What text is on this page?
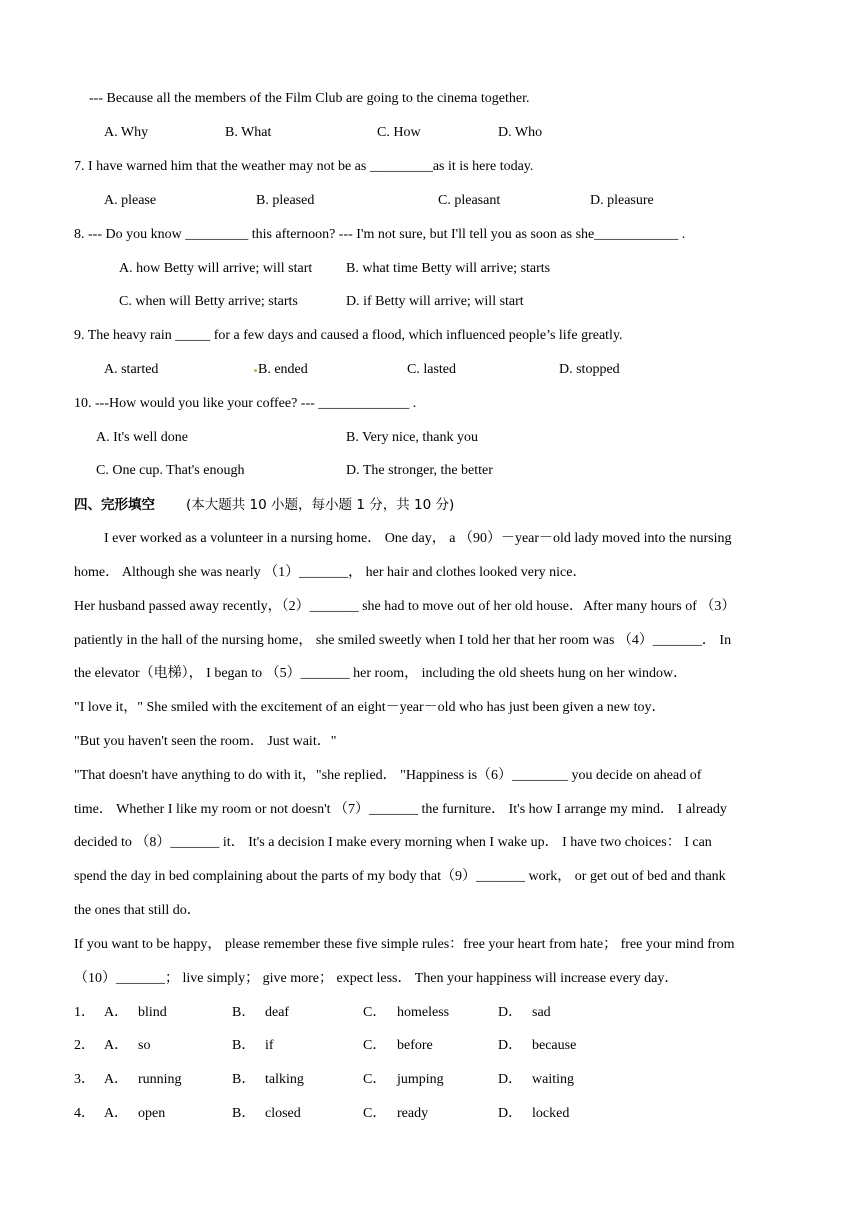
--- Because all the members of the Film Club are going to the cinema together.
A. Why	B. What	C. How	D. Who
7. I have warned him that the weather may not be as _________as it is here today.
A. please	B. pleased	C. pleasant	D. pleasure
8. --- Do you know _________ this afternoon? --- I'm not sure, but I'll tell you as soon as she____________ .
A. how Betty will arrive; will start B. what time Betty will arrive; starts
C. when will Betty arrive; starts	D. if Betty will arrive; will start
9. The heavy rain _____ for a few days and caused a flood, which influenced people’s life greatly.
A. started	B. ended	C. lasted	D. stopped
10. ---How would you like your coffee? --- _____________ .
A. It's well done	B. Very nice, thank you
C. One cup. That's enough	D. The stronger, the better
四、完形填空 (本大题共 10 小题，每小题 1 分，共 10 分)
I ever worked as a volunteer in a nursing home． One day， a （90）－year－old lady moved into the nursing
home． Although she was nearly （1）_______， her hair and clothes looked very nice．
Her husband passed away recently，（2）_______ she had to move out of her old house．After many hours of （3）
patiently in the hall of the nursing home， she smiled sweetly when I told her that her room was （4）_______． In
the elevator（电梯）， I began to （5）_______ her room， including the old sheets hung on her window．
"I love it，" She smiled with the excitement of an eight－year－old who has just been given a new toy．
"But you haven't seen the room． Just wait．"
"That doesn't have anything to do with it，"she replied． "Happiness is（6）________ you decide on ahead of
time． Whether I like my room or not doesn't （7）_______ the furniture． It's how I arrange my mind． I already
decided to （8）_______ it． It's a decision I make every morning when I wake up． I have two choices： I can
spend the day in bed complaining about the parts of my body that（9）_______ work， or get out of bed and thank
the ones that still do．
If you want to be happy， please remember these five simple rules：free your heart from hate； free your mind from
（10）_______； live simply； give more； expect less． Then your happiness will increase every day．
1． A． blind	B． deaf	C． homeless	D． sad
2． A． so	B． if	C． before	D． because
3． A． running	B． talking	C． jumping	D． waiting
4． A． open	B． closed	C． ready	D． locked
